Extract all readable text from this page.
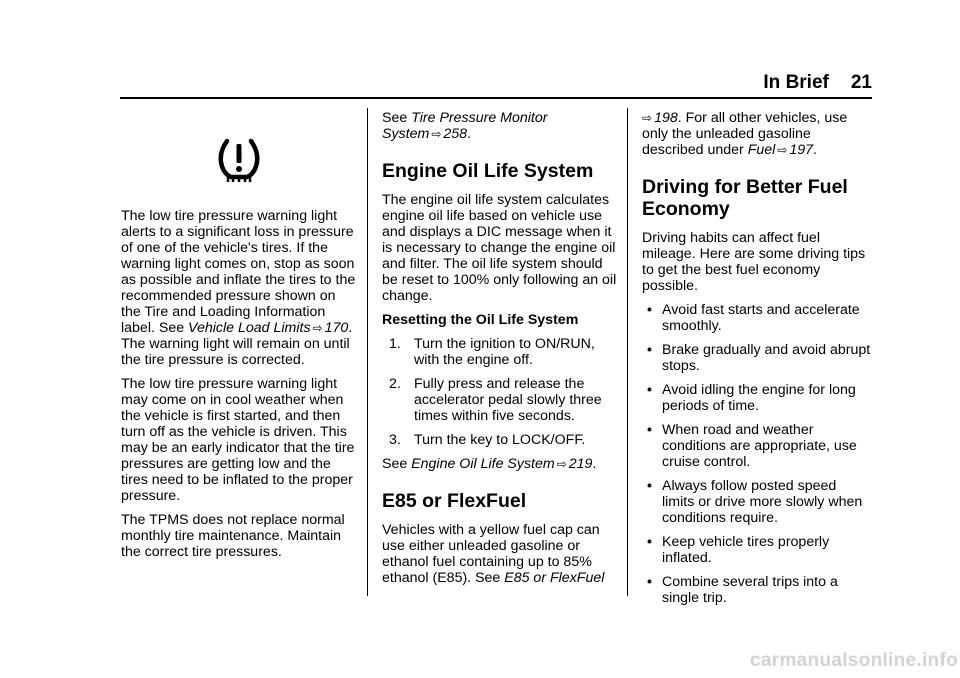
In Brief 21

The low tire pressure warning light alerts to a significant loss in pressure of one of the vehicle's tires. If the warning light comes on, stop as soon as possible and inflate the tires to the recommended pressure shown on the Tire and Loading Information label. See Vehicle Load Limits ⇨ 170. The warning light will remain on until the tire pressure is corrected.

The low tire pressure warning light may come on in cool weather when the vehicle is first started, and then turn off as the vehicle is driven. This may be an early indicator that the tire pressures are getting low and the tires need to be inflated to the proper pressure.

The TPMS does not replace normal monthly tire maintenance. Maintain the correct tire pressures.

See Tire Pressure Monitor System ⇨ 258.

Engine Oil Life System

The engine oil life system calculates engine oil life based on vehicle use and displays a DIC message when it is necessary to change the engine oil and filter. The oil life system should be reset to 100% only following an oil change.

Resetting the Oil Life System
1. Turn the ignition to ON/RUN, with the engine off.
2. Fully press and release the accelerator pedal slowly three times within five seconds.
3. Turn the key to LOCK/OFF.

See Engine Oil Life System ⇨ 219.

E85 or FlexFuel

Vehicles with a yellow fuel cap can use either unleaded gasoline or ethanol fuel containing up to 85% ethanol (E85). See E85 or FlexFuel

⇨ 198. For all other vehicles, use only the unleaded gasoline described under Fuel ⇨ 197.

Driving for Better Fuel Economy

Driving habits can affect fuel mileage. Here are some driving tips to get the best fuel economy possible.

• Avoid fast starts and accelerate smoothly.
• Brake gradually and avoid abrupt stops.
• Avoid idling the engine for long periods of time.
• When road and weather conditions are appropriate, use cruise control.
• Always follow posted speed limits or drive more slowly when conditions require.
• Keep vehicle tires properly inflated.
• Combine several trips into a single trip.
carmanualsonline.info
